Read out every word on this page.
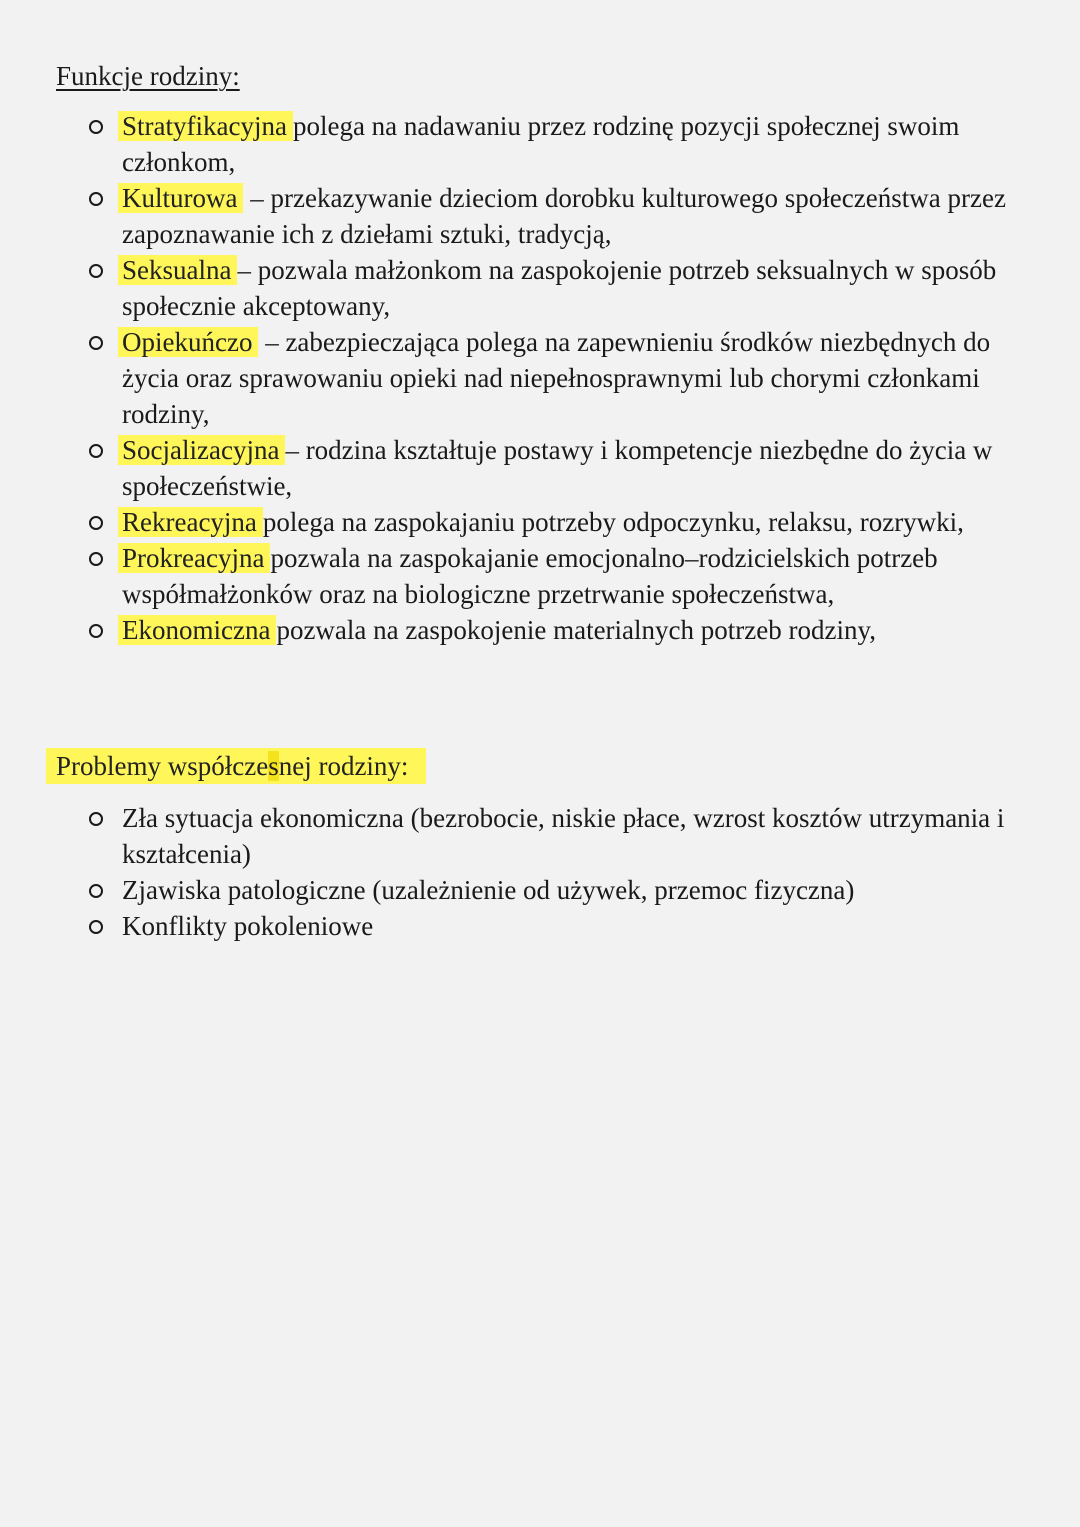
Funkcje rodziny:
Stratyfikacyjna polega na nadawaniu przez rodzinę pozycji społecznej swoim członkom,
Kulturowa – przekazywanie dzieciom dorobku kulturowego społeczeństwa przez zapoznawanie ich z dziełami sztuki, tradycją,
Seksualna – pozwala małżonkom na zaspokojenie potrzeb seksualnych w sposób społecznie akceptowany,
Opiekuńczo – zabezpieczająca polega na zapewnieniu środków niezbędnych do życia oraz sprawowaniu opieki nad niepełnosprawnymi lub chorymi członkami rodziny,
Socjalizacyjna – rodzina kształtuje postawy i kompetencje niezbędne do życia w społeczeństwie,
Rekreacyjna polega na zaspokajaniu potrzeby odpoczynku, relaksu, rozrywki,
Prokreacyjna pozwala na zaspokajanie emocjonalno–rodzicielskich potrzeb współmałżonków oraz na biologiczne przetrwanie społeczeństwa,
Ekonomiczna pozwala na zaspokojenie materialnych potrzeb rodziny,
Problemy współczesnej rodziny:
Zła sytuacja ekonomiczna (bezrobocie, niskie płace, wzrost kosztów utrzymania i kształcenia)
Zjawiska patologiczne (uzależnienie od używek, przemoc fizyczna)
Konflikty pokoleniowe
